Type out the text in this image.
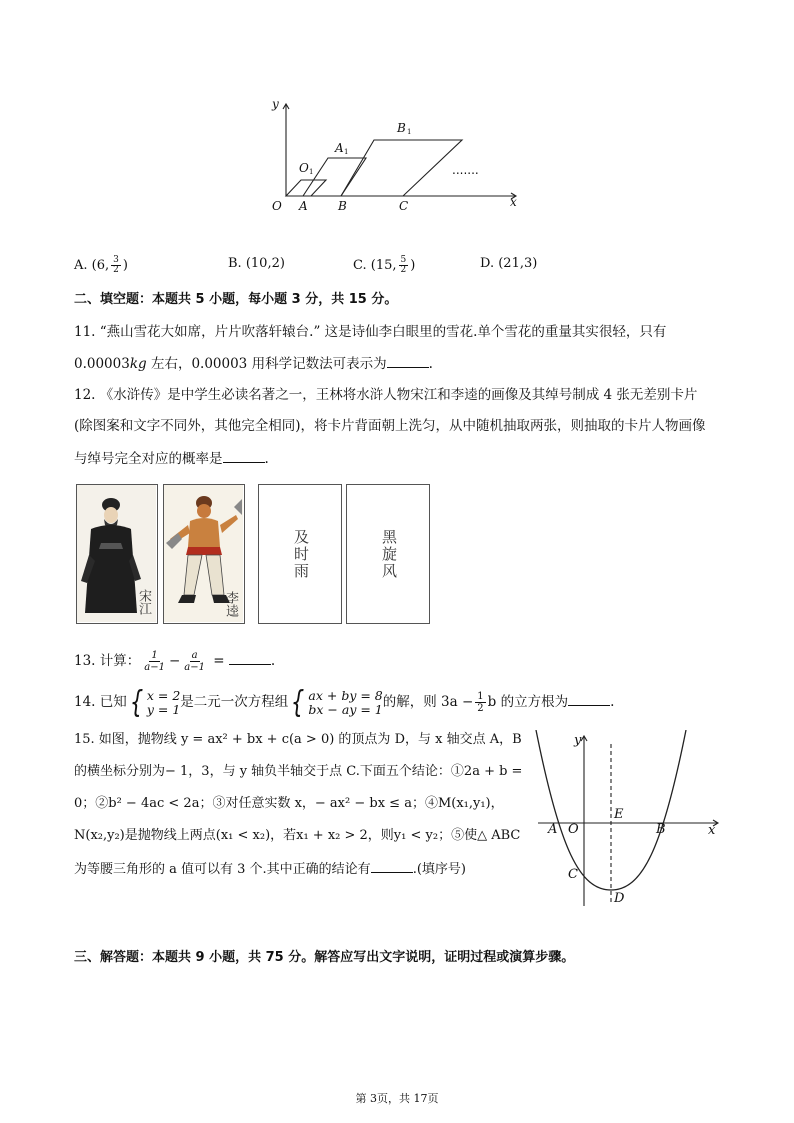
y
O A	B	C	x
O
A
B
1
1
1
.......
A. (6, $\frac{3}{2}$ )	B. (10,2)	C. (15, $\frac{5}{2}$ )	D. (21,3)
二、填空题：本题共 5 小题，每小题 3 分，共 15 分。
11. “燕山雪花大如席，片片吹落轩辕台.” 这是诗仙李白眼里的雪花.单个雪花的重量其实很轻，只有
0.00003kg 左右，0.00003 用科学记数法可表示为	.
12. 《水浒传》是中学生必读名著之一，王林将水浒人物宋江和李逵的画像及其绰号制成 4 张无差别卡片
(除图案和文字不同外，其他完全相同)，将卡片背面朝上洗匀，从中随机抽取两张，则抽取的卡片人物画像
与绰号完全对应的概率是	.
宋江	李逵
及时雨	黑旋风
13. 计算： $\frac{1}{a-1} - \frac{a}{a-1}$ =	.
14. 已知 { x = 2
y = 1 是二元一次方程组 { ax + by = 8
bx − ay = 1 的解，则 $3a - \frac{1}{2}$ b 的立方根为	.
15. 如图，抛物线 y = ax² + bx + c(a > 0) 的顶点为 D，与 x 轴交点 A，B
的横坐标分别为− 1，3，与 y 轴负半轴交于点 C.下面五个结论：①2a + b =
0；②b² − 4ac < 2a；③对任意实数 x，− ax² − bx ≤ a；④M(x₁,y₁)，
N(x₂,y₂)是抛物线上两点(x₁ < x₂)，若x₁ + x₂ > 2，则y₁ < y₂；⑤使△ ABC
为等腰三角形的 a 值可以有 3 个.其中正确的结论有	.(填序号)
y
E
A O	B	x
C
D
三、解答题：本题共 9 小题，共 75 分。解答应写出文字说明，证明过程或演算步骤。
第 3页，共 17页
